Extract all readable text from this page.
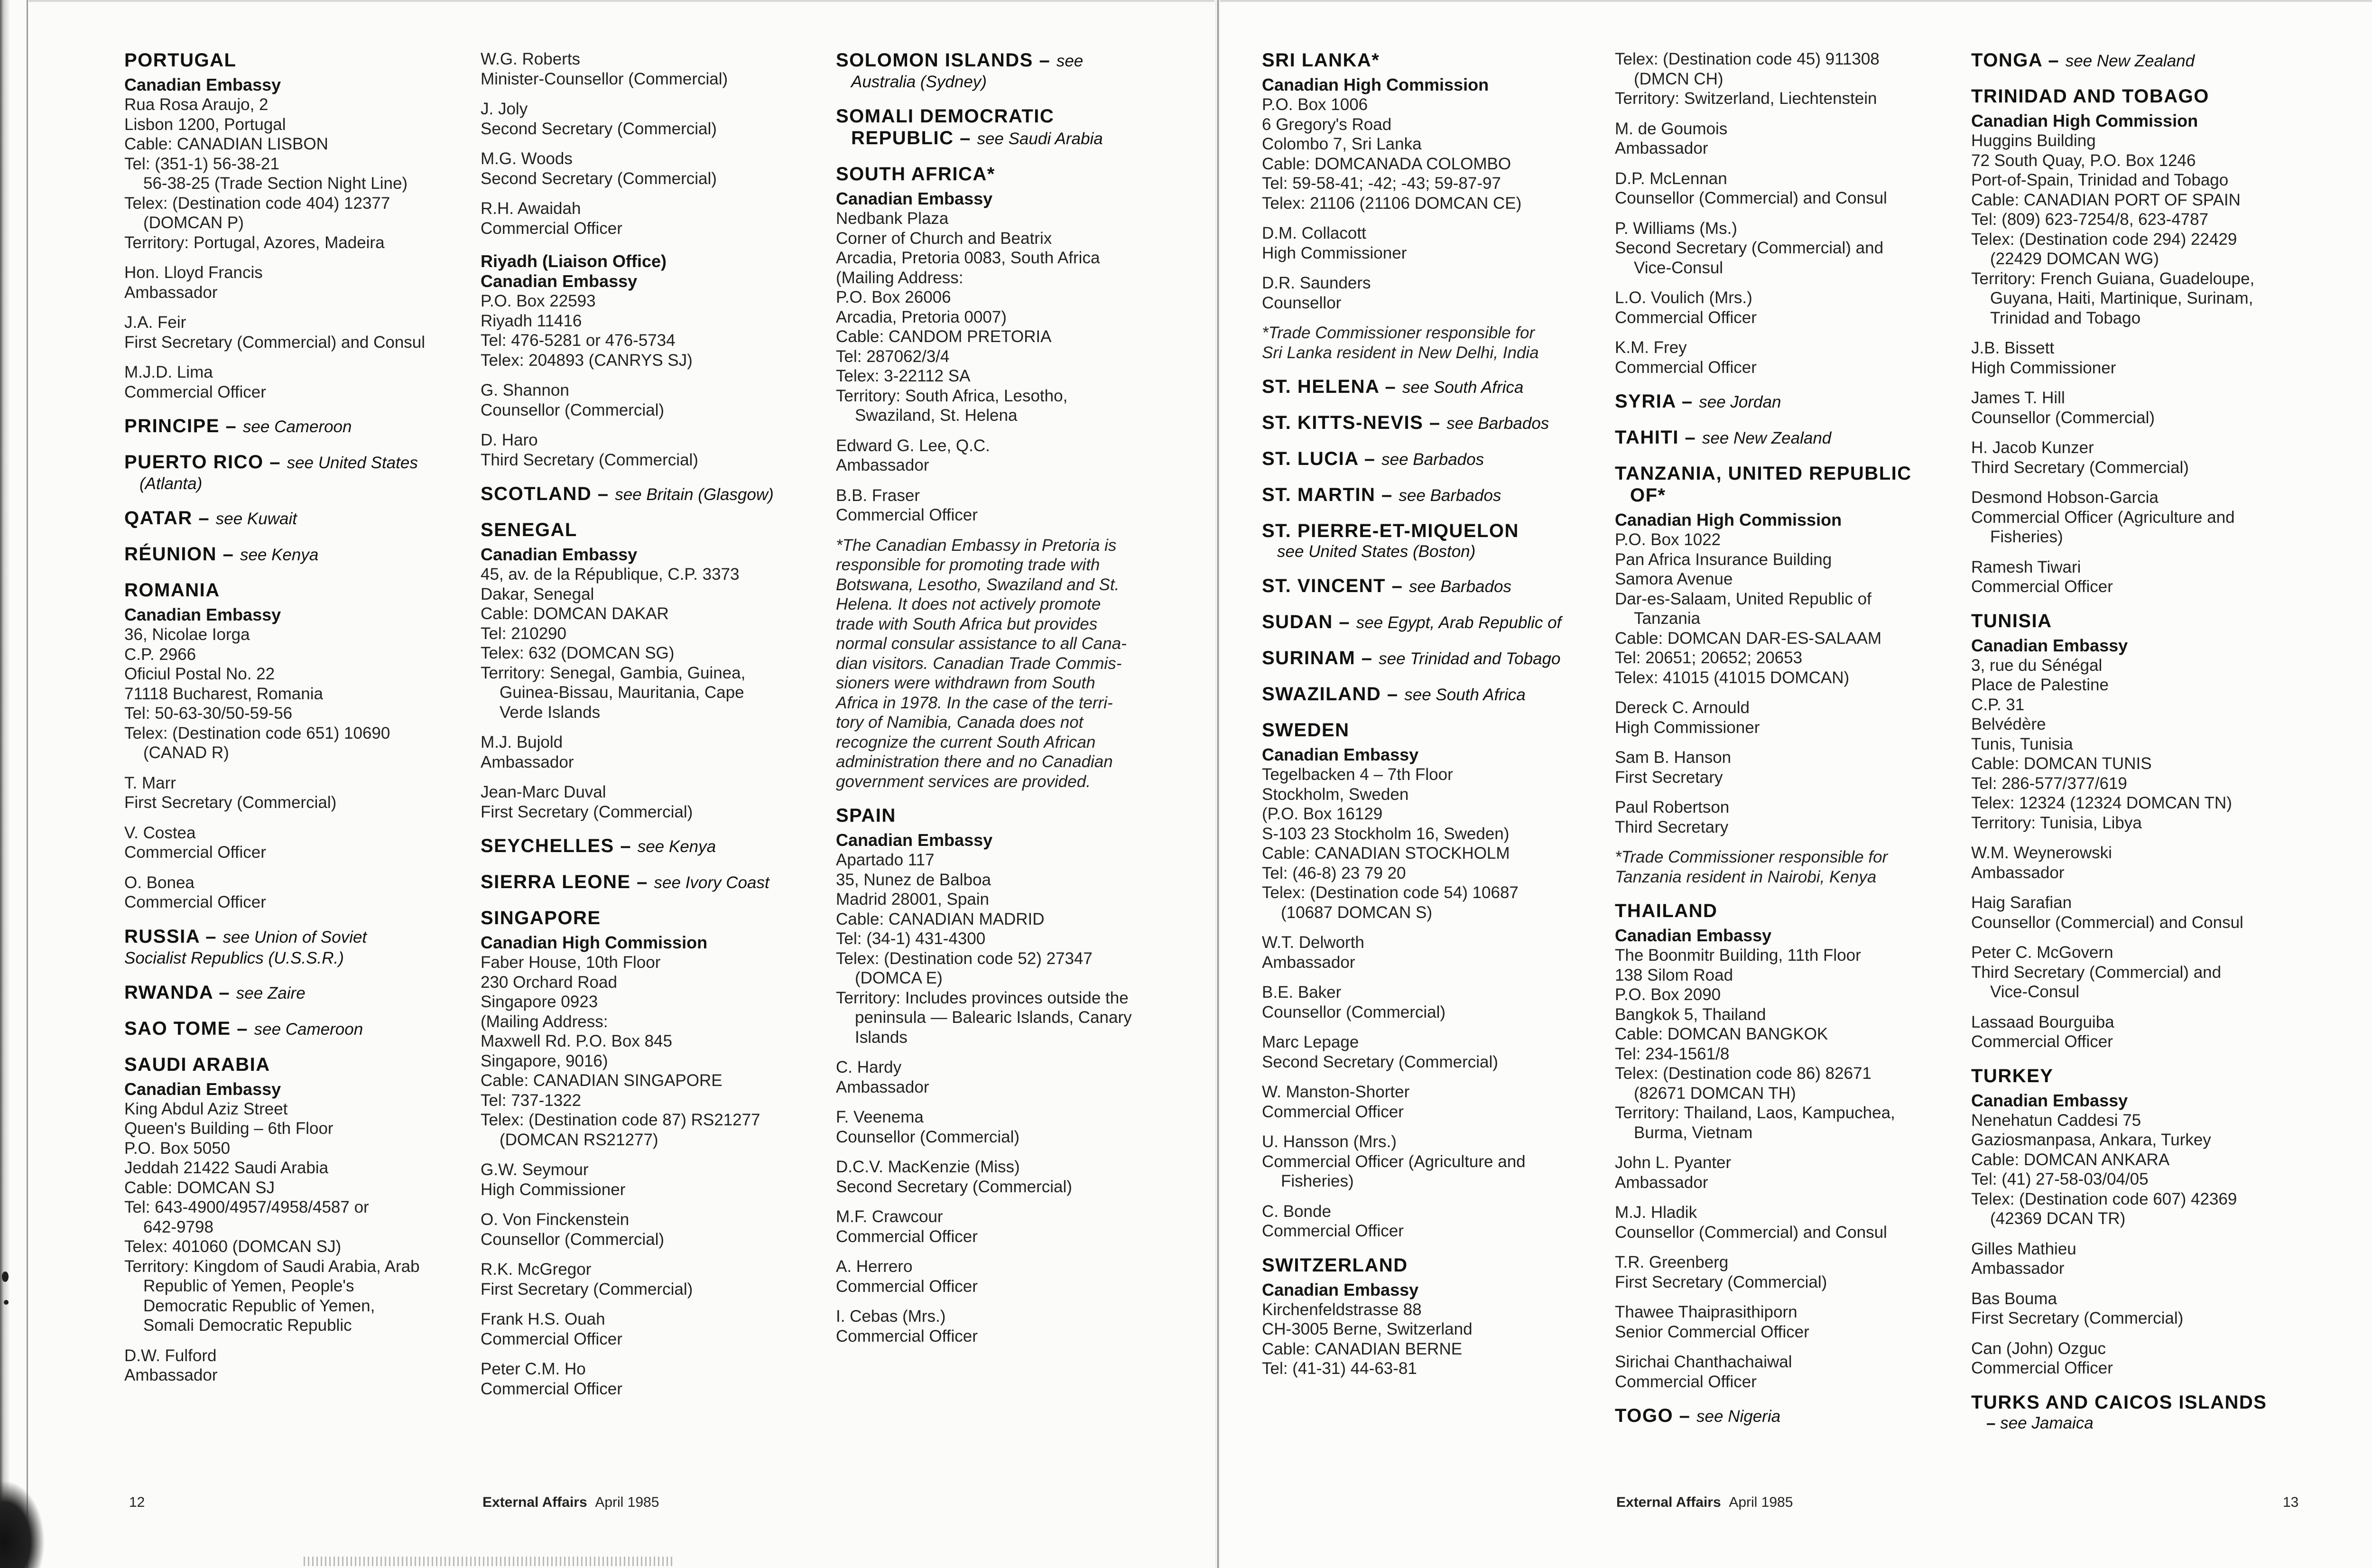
PORTUGAL
Canadian Embassy
Rua Rosa Araujo, 2
Lisbon 1200, Portugal
Cable: CANADIAN LISBON
Tel: (351-1) 56-38-21
56-38-25 (Trade Section Night Line)
Telex: (Destination code 404) 12377
(DOMCAN P)
Territory: Portugal, Azores, Madeira
Hon. Lloyd Francis
Ambassador
J.A. Feir
First Secretary (Commercial) and Consul
M.J.D. Lima
Commercial Officer
PRINCIPE – see Cameroon
PUERTO RICO – see United States
(Atlanta)
QATAR – see Kuwait
RÉUNION – see Kenya
ROMANIA
Canadian Embassy
36, Nicolae Iorga
C.P. 2966
Oficiul Postal No. 22
71118 Bucharest, Romania
Tel: 50-63-30/50-59-56
Telex: (Destination code 651) 10690
(CANAD R)
T. Marr
First Secretary (Commercial)
V. Costea
Commercial Officer
O. Bonea
Commercial Officer
RUSSIA – see Union of Soviet
Socialist Republics (U.S.S.R.)
RWANDA – see Zaire
SAO TOME – see Cameroon
SAUDI ARABIA
Canadian Embassy
King Abdul Aziz Street
Queen's Building – 6th Floor
P.O. Box 5050
Jeddah 21422 Saudi Arabia
Cable: DOMCAN SJ
Tel: 643-4900/4957/4958/4587 or
642-9798
Telex: 401060 (DOMCAN SJ)
Territory: Kingdom of Saudi Arabia, Arab
Republic of Yemen, People's
Democratic Republic of Yemen,
Somali Democratic Republic
D.W. Fulford
Ambassador
W.G. Roberts
Minister-Counsellor (Commercial)
J. Joly
Second Secretary (Commercial)
M.G. Woods
Second Secretary (Commercial)
R.H. Awaidah
Commercial Officer
Riyadh (Liaison Office)
Canadian Embassy
P.O. Box 22593
Riyadh 11416
Tel: 476-5281 or 476-5734
Telex: 204893 (CANRYS SJ)
G. Shannon
Counsellor (Commercial)
D. Haro
Third Secretary (Commercial)
SCOTLAND – see Britain (Glasgow)
SENEGAL
Canadian Embassy
45, av. de la République, C.P. 3373
Dakar, Senegal
Cable: DOMCAN DAKAR
Tel: 210290
Telex: 632 (DOMCAN SG)
Territory: Senegal, Gambia, Guinea,
Guinea-Bissau, Mauritania, Cape
Verde Islands
M.J. Bujold
Ambassador
Jean-Marc Duval
First Secretary (Commercial)
SEYCHELLES – see Kenya
SIERRA LEONE – see Ivory Coast
SINGAPORE
Canadian High Commission
Faber House, 10th Floor
230 Orchard Road
Singapore 0923
(Mailing Address:
Maxwell Rd. P.O. Box 845
Singapore, 9016)
Cable: CANADIAN SINGAPORE
Tel: 737-1322
Telex: (Destination code 87) RS21277
(DOMCAN RS21277)
G.W. Seymour
High Commissioner
O. Von Finckenstein
Counsellor (Commercial)
R.K. McGregor
First Secretary (Commercial)
Frank H.S. Ouah
Commercial Officer
Peter C.M. Ho
Commercial Officer
SOLOMON ISLANDS – see
Australia (Sydney)
SOMALI DEMOCRATIC
REPUBLIC – see Saudi Arabia
SOUTH AFRICA*
Canadian Embassy
Nedbank Plaza
Corner of Church and Beatrix
Arcadia, Pretoria 0083, South Africa
(Mailing Address:
P.O. Box 26006
Arcadia, Pretoria 0007)
Cable: CANDOM PRETORIA
Tel: 287062/3/4
Telex: 3-22112 SA
Territory: South Africa, Lesotho,
Swaziland, St. Helena
Edward G. Lee, Q.C.
Ambassador
B.B. Fraser
Commercial Officer
*The Canadian Embassy in Pretoria is
responsible for promoting trade with
Botswana, Lesotho, Swaziland and St.
Helena. It does not actively promote
trade with South Africa but provides
normal consular assistance to all Cana-
dian visitors. Canadian Trade Commis-
sioners were withdrawn from South
Africa in 1978. In the case of the terri-
tory of Namibia, Canada does not
recognize the current South African
administration there and no Canadian
government services are provided.
SPAIN
Canadian Embassy
Apartado 117
35, Nunez de Balboa
Madrid 28001, Spain
Cable: CANADIAN MADRID
Tel: (34-1) 431-4300
Telex: (Destination code 52) 27347
(DOMCA E)
Territory: Includes provinces outside the
peninsula — Balearic Islands, Canary
Islands
C. Hardy
Ambassador
F. Veenema
Counsellor (Commercial)
D.C.V. MacKenzie (Miss)
Second Secretary (Commercial)
M.F. Crawcour
Commercial Officer
A. Herrero
Commercial Officer
I. Cebas (Mrs.)
Commercial Officer
12	External Affairs April 1985
SRI LANKA*
Canadian High Commission
P.O. Box 1006
6 Gregory's Road
Colombo 7, Sri Lanka
Cable: DOMCANADA COLOMBO
Tel: 59-58-41; -42; -43; 59-87-97
Telex: 21106 (21106 DOMCAN CE)
D.M. Collacott
High Commissioner
D.R. Saunders
Counsellor
*Trade Commissioner responsible for
Sri Lanka resident in New Delhi, India
ST. HELENA – see South Africa
ST. KITTS-NEVIS – see Barbados
ST. LUCIA – see Barbados
ST. MARTIN – see Barbados
ST. PIERRE-ET-MIQUELON
see United States (Boston)
ST. VINCENT – see Barbados
SUDAN – see Egypt, Arab Republic of
SURINAM – see Trinidad and Tobago
SWAZILAND – see South Africa
SWEDEN
Canadian Embassy
Tegelbacken 4 – 7th Floor
Stockholm, Sweden
(P.O. Box 16129
S-103 23 Stockholm 16, Sweden)
Cable: CANADIAN STOCKHOLM
Tel: (46-8) 23 79 20
Telex: (Destination code 54) 10687
(10687 DOMCAN S)
W.T. Delworth
Ambassador
B.E. Baker
Counsellor (Commercial)
Marc Lepage
Second Secretary (Commercial)
W. Manston-Shorter
Commercial Officer
U. Hansson (Mrs.)
Commercial Officer (Agriculture and
Fisheries)
C. Bonde
Commercial Officer
SWITZERLAND
Canadian Embassy
Kirchenfeldstrasse 88
CH-3005 Berne, Switzerland
Cable: CANADIAN BERNE
Tel: (41-31) 44-63-81
Telex: (Destination code 45) 911308
(DMCN CH)
Territory: Switzerland, Liechtenstein
M. de Goumois
Ambassador
D.P. McLennan
Counsellor (Commercial) and Consul
P. Williams (Ms.)
Second Secretary (Commercial) and
Vice-Consul
L.O. Voulich (Mrs.)
Commercial Officer
K.M. Frey
Commercial Officer
SYRIA – see Jordan
TAHITI – see New Zealand
TANZANIA, UNITED REPUBLIC
OF*
Canadian High Commission
P.O. Box 1022
Pan Africa Insurance Building
Samora Avenue
Dar-es-Salaam, United Republic of
Tanzania
Cable: DOMCAN DAR-ES-SALAAM
Tel: 20651; 20652; 20653
Telex: 41015 (41015 DOMCAN)
Dereck C. Arnould
High Commissioner
Sam B. Hanson
First Secretary
Paul Robertson
Third Secretary
*Trade Commissioner responsible for
Tanzania resident in Nairobi, Kenya
THAILAND
Canadian Embassy
The Boonmitr Building, 11th Floor
138 Silom Road
P.O. Box 2090
Bangkok 5, Thailand
Cable: DOMCAN BANGKOK
Tel: 234-1561/8
Telex: (Destination code 86) 82671
(82671 DOMCAN TH)
Territory: Thailand, Laos, Kampuchea,
Burma, Vietnam
John L. Pyanter
Ambassador
M.J. Hladik
Counsellor (Commercial) and Consul
T.R. Greenberg
First Secretary (Commercial)
Thawee Thaiprasithiporn
Senior Commercial Officer
Sirichai Chanthachaiwal
Commercial Officer
TOGO – see Nigeria
TONGA – see New Zealand
TRINIDAD AND TOBAGO
Canadian High Commission
Huggins Building
72 South Quay, P.O. Box 1246
Port-of-Spain, Trinidad and Tobago
Cable: CANADIAN PORT OF SPAIN
Tel: (809) 623-7254/8, 623-4787
Telex: (Destination code 294) 22429
(22429 DOMCAN WG)
Territory: French Guiana, Guadeloupe,
Guyana, Haiti, Martinique, Surinam,
Trinidad and Tobago
J.B. Bissett
High Commissioner
James T. Hill
Counsellor (Commercial)
H. Jacob Kunzer
Third Secretary (Commercial)
Desmond Hobson-Garcia
Commercial Officer (Agriculture and
Fisheries)
Ramesh Tiwari
Commercial Officer
TUNISIA
Canadian Embassy
3, rue du Sénégal
Place de Palestine
C.P. 31
Belvédère
Tunis, Tunisia
Cable: DOMCAN TUNIS
Tel: 286-577/377/619
Telex: 12324 (12324 DOMCAN TN)
Territory: Tunisia, Libya
W.M. Weynerowski
Ambassador
Haig Sarafian
Counsellor (Commercial) and Consul
Peter C. McGovern
Third Secretary (Commercial) and
Vice-Consul
Lassaad Bourguiba
Commercial Officer
TURKEY
Canadian Embassy
Nenehatun Caddesi 75
Gaziosmanpasa, Ankara, Turkey
Cable: DOMCAN ANKARA
Tel: (41) 27-58-03/04/05
Telex: (Destination code 607) 42369
(42369 DCAN TR)
Gilles Mathieu
Ambassador
Bas Bouma
First Secretary (Commercial)
Can (John) Ozguc
Commercial Officer
TURKS AND CAICOS ISLANDS
– see Jamaica
External Affairs April 1985	13
